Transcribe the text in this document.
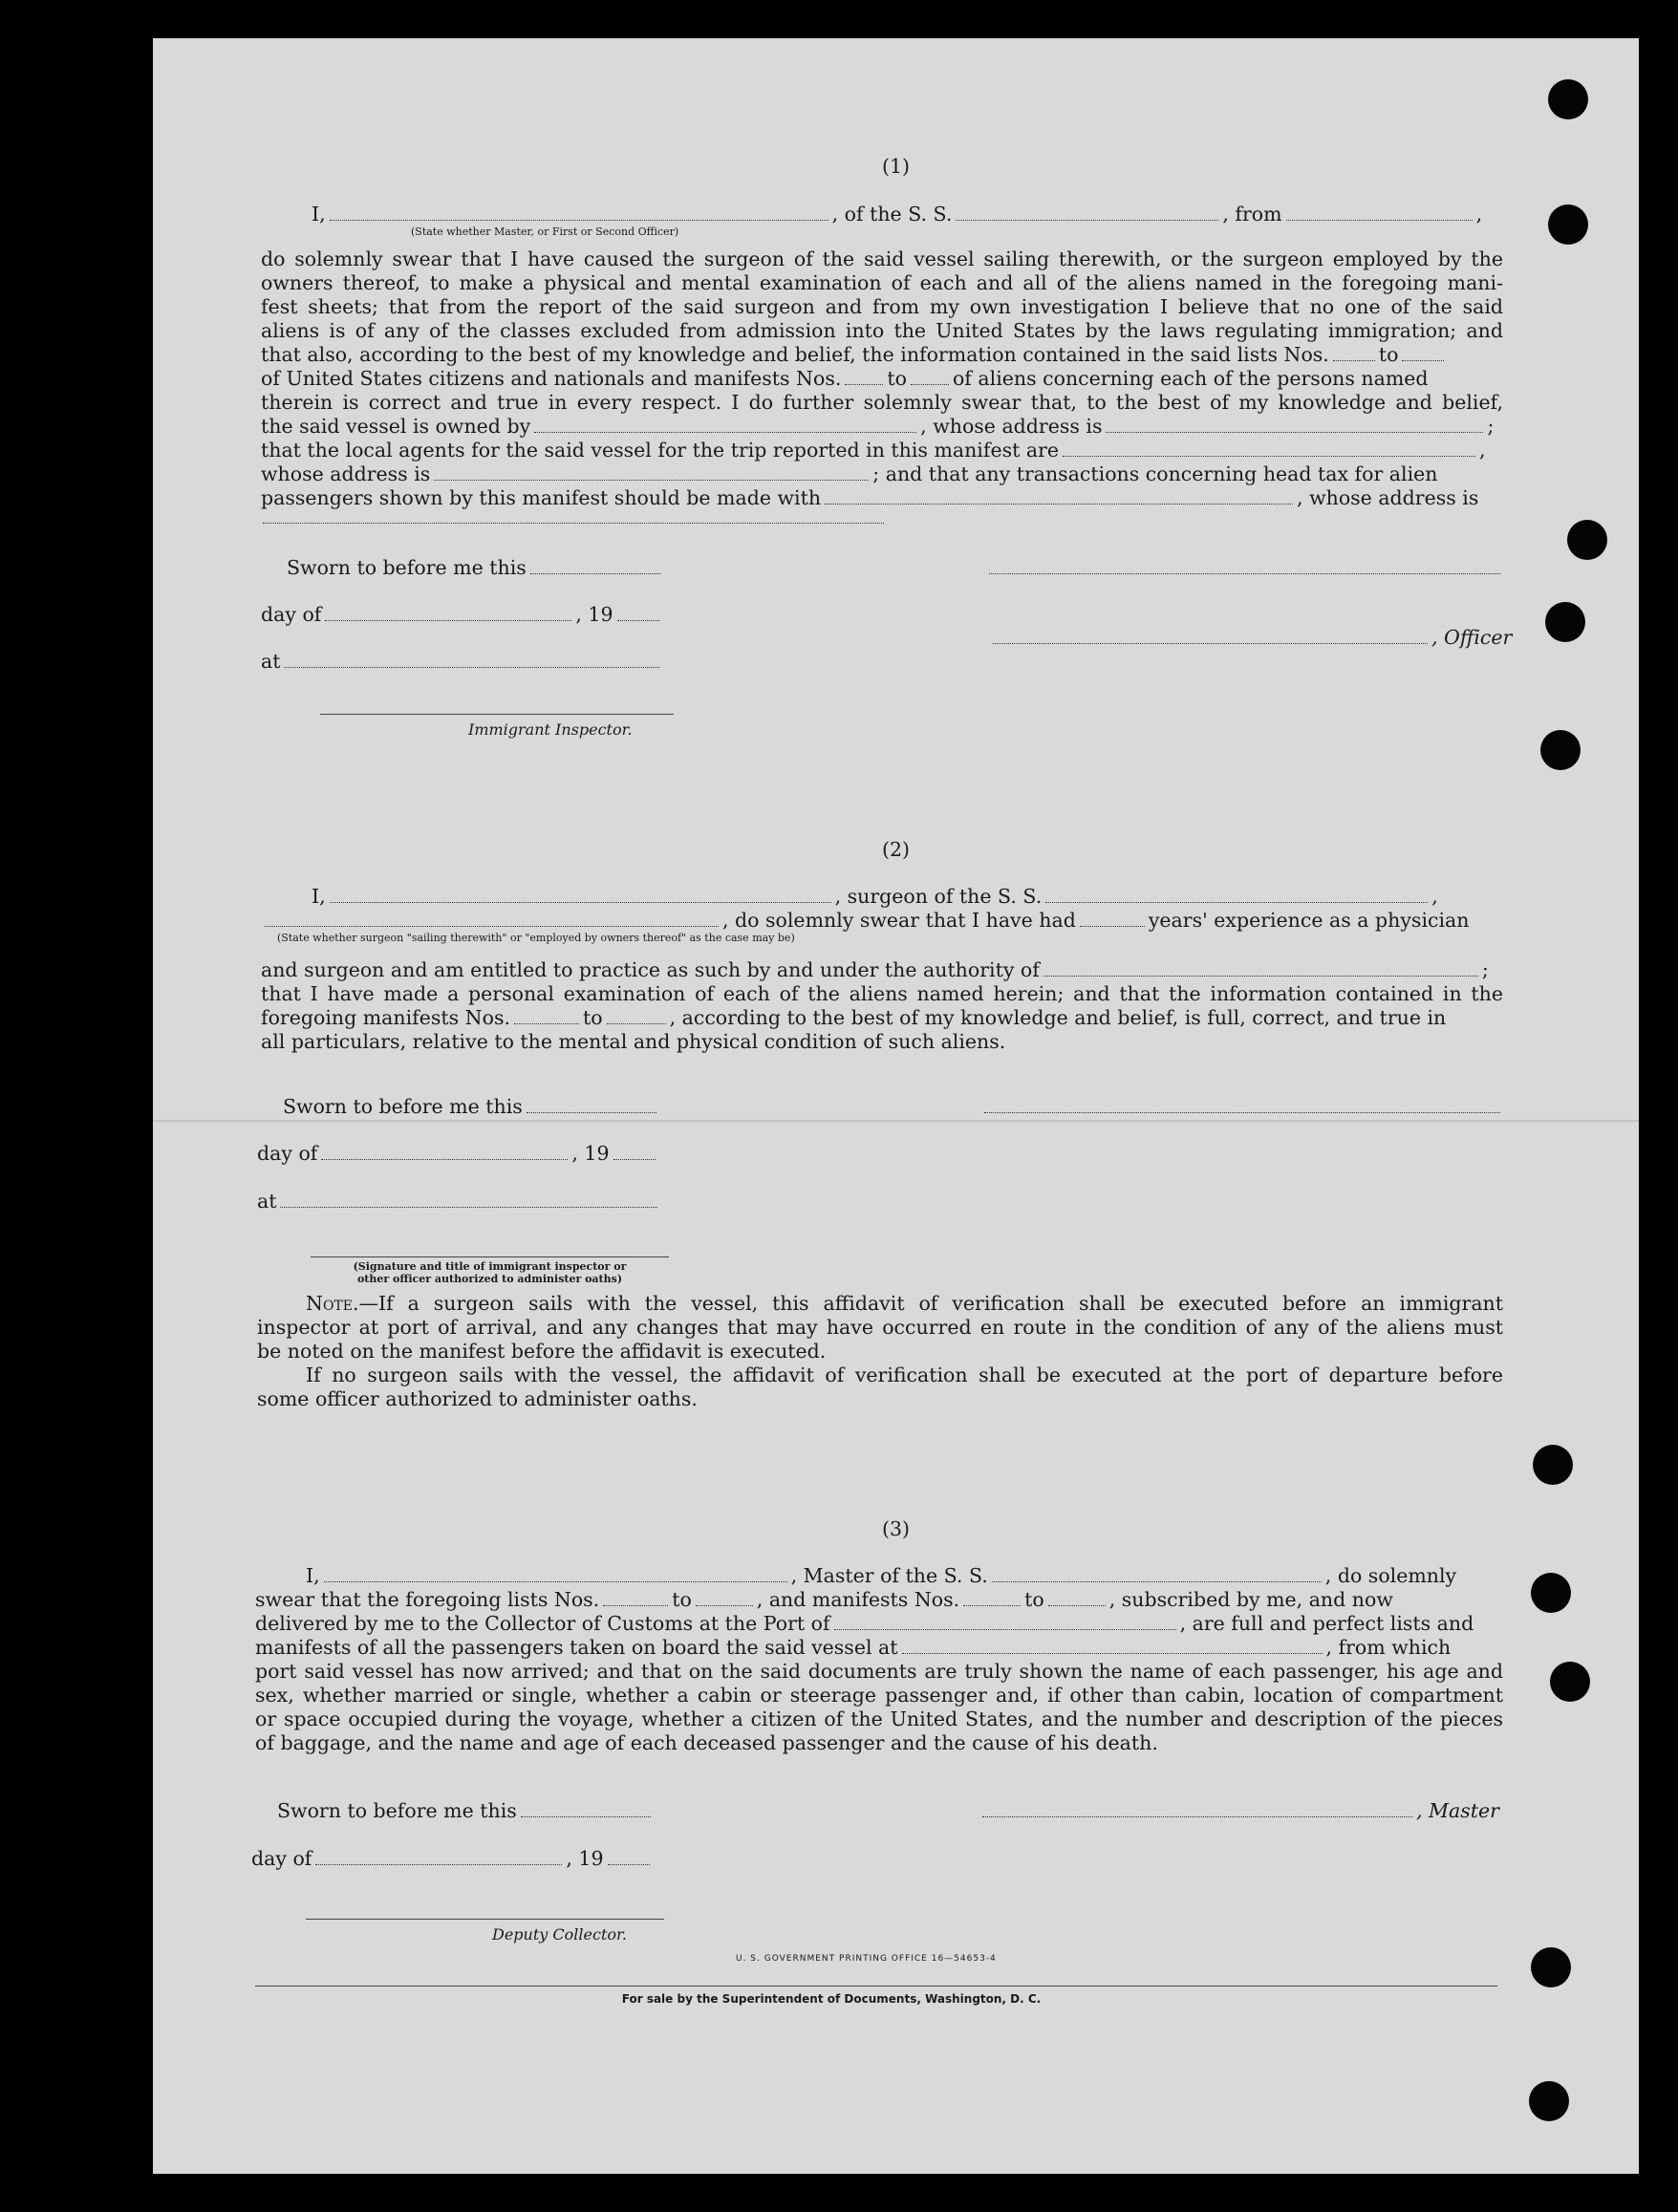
(1)
I,	, of the S. S.	, from	,
(State whether Master, or First or Second Officer)
do solemnly swear that I have caused the surgeon of the said vessel sailing therewith, or the surgeon employed by the
owners thereof, to make a physical and mental examination of each and all of the aliens named in the foregoing mani-
fest sheets; that from the report of the said surgeon and from my own investigation I believe that no one of the said
aliens is of any of the classes excluded from admission into the United States by the laws regulating immigration; and
that also, according to the best of my knowledge and belief, the information contained in the said lists Nos.	to
of United States citizens and nationals and manifests Nos. to of aliens concerning each of the persons named
therein is correct and true in every respect. I do further solemnly swear that, to the best of my knowledge and belief,
the said vessel is owned by	, whose address is	;
that the local agents for the said vessel for the trip reported in this manifest are	,
whose address is	; and that any transactions concerning head tax for alien
passengers shown by this manifest should be made with	, whose address is
Sworn to before me this
day of	, 19
, Officer
at
Immigrant Inspector.
(2)
I,	, surgeon of the S. S.	,
, do solemnly swear that I have had	years' experience as a physician
(State whether surgeon "sailing therewith" or "employed by owners thereof" as the case may be)
and surgeon and am entitled to practice as such by and under the authority of	;
that I have made a personal examination of each of the aliens named herein; and that the information contained in the
foregoing manifests Nos.	to	, according to the best of my knowledge and belief, is full, correct, and true in
all particulars, relative to the mental and physical condition of such aliens.
Sworn to before me this
day of	, 19
at
(Signature and title of immigrant inspector or
other officer authorized to administer oaths)
Note.—If a surgeon sails with the vessel, this affidavit of verification shall be executed before an immigrant
inspector at port of arrival, and any changes that may have occurred en route in the condition of any of the aliens must
be noted on the manifest before the affidavit is executed.
If no surgeon sails with the vessel, the affidavit of verification shall be executed at the port of departure before
some officer authorized to administer oaths.
(3)
I,	, Master of the S. S.	, do solemnly
swear that the foregoing lists Nos.	to	, and manifests Nos.	to	, subscribed by me, and now
delivered by me to the Collector of Customs at the Port of	, are full and perfect lists and
manifests of all the passengers taken on board the said vessel at	, from which
port said vessel has now arrived; and that on the said documents are truly shown the name of each passenger, his age and
sex, whether married or single, whether a cabin or steerage passenger and, if other than cabin, location of compartment
or space occupied during the voyage, whether a citizen of the United States, and the number and description of the pieces
of baggage, and the name and age of each deceased passenger and the cause of his death.
Sworn to before me this	, Master
day of	, 19
Deputy Collector.
U. S. GOVERNMENT PRINTING OFFICE 16—54653-4
For sale by the Superintendent of Documents, Washington, D. C.
